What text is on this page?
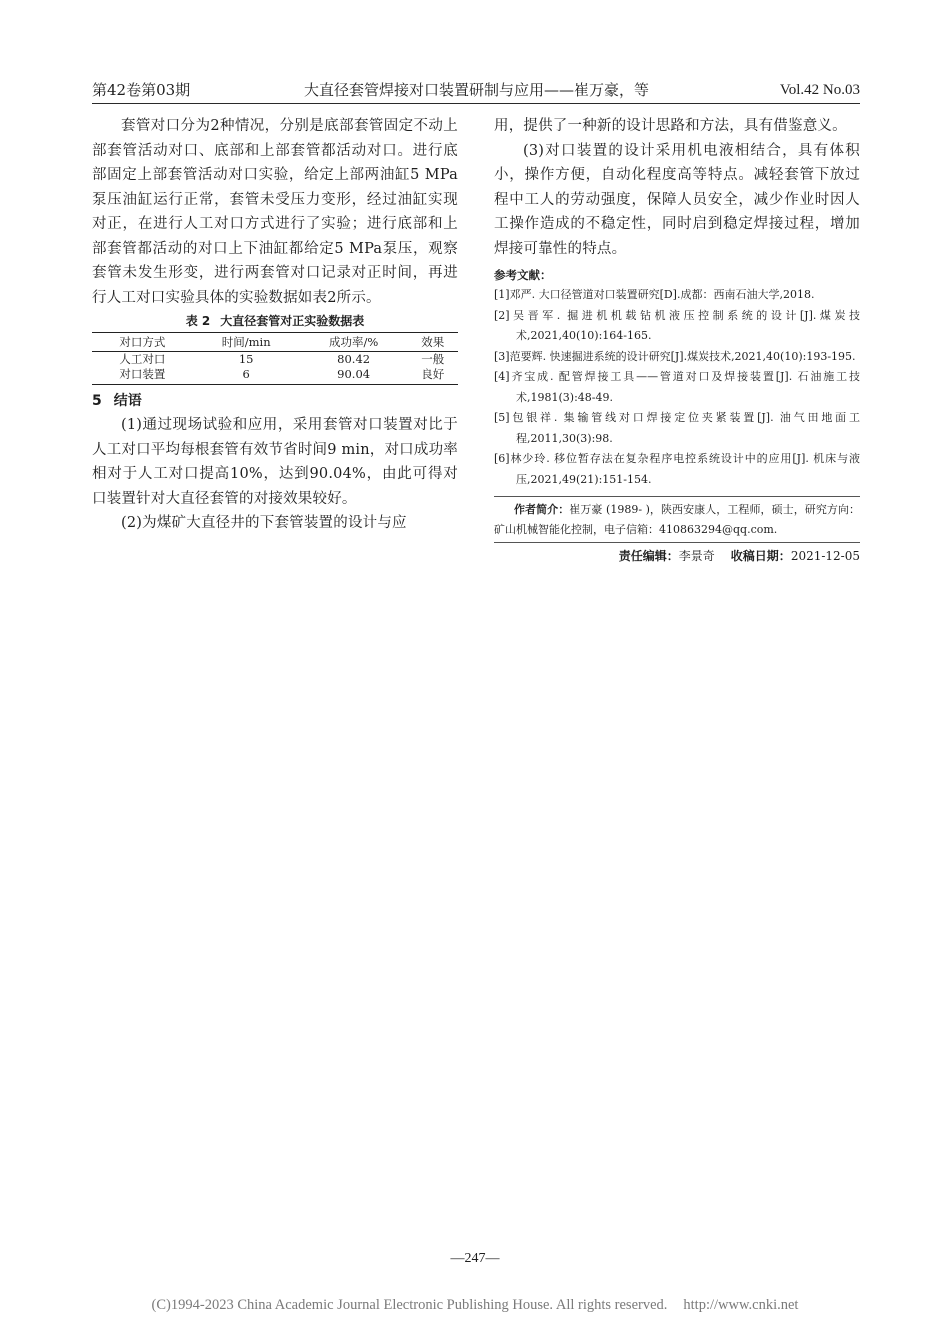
第42卷第03期	大直径套管焊接对口装置研制与应用——崔万豪，等	Vol.42 No.03

套管对口分为2种情况，分别是底部套管固定不动上部套管活动对口、底部和上部套管都活动对口。进行底部固定上部套管活动对口实验，给定上部两油缸5 MPa泵压油缸运行正常，套管未受压力变形，经过油缸实现对正，在进行人工对口方式进行了实验；进行底部和上部套管都活动的对口上下油缸都给定5 MPa泵压，观察套管未发生形变，进行两套管对口记录对正时间，再进行人工对口实验具体的实验数据如表2所示。

表 2 大直径套管对正实验数据表
对口方式	时间/min	成功率/%	效果
人工对口	15	80.42	一般
对口装置	6	90.04	良好
5 结语

(1)通过现场试验和应用，采用套管对口装置对比于人工对口平均每根套管有效节省时间9 min，对口成功率相对于人工对口提高10%，达到90.04%，由此可得对口装置针对大直径套管的对接效果较好。

(2)为煤矿大直径井的下套管装置的设计与应

用，提供了一种新的设计思路和方法，具有借鉴意义。

(3)对口装置的设计采用机电液相结合，具有体积小，操作方便，自动化程度高等特点。减轻套管下放过程中工人的劳动强度，保障人员安全，减少作业时因人工操作造成的不稳定性，同时启到稳定焊接过程，增加焊接可靠性的特点。

参考文献：

[1]邓严. 大口径管道对口装置研究[D].成都：西南石油大学,2018.

[2]吴晋军. 掘进机机载钻机液压控制系统的设计[J].煤炭技术,2021,40(10):164-165.

[3]范要辉. 快速掘进系统的设计研究[J].煤炭技术,2021,40(10):193-195.

[4]齐宝成. 配管焊接工具——管道对口及焊接装置[J]. 石油施工技术,1981(3):48-49.

[5]包银祥. 集输管线对口焊接定位夹紧装置[J]. 油气田地面工程,2011,30(3):98.

[6]林少玲. 移位暂存法在复杂程序电控系统设计中的应用[J]. 机床与液压,2021,49(21):151-154.

作者简介：崔万豪 (1989- )，陕西安康人，工程师，硕士，研究方向：矿山机械智能化控制，电子信箱：410863294@qq.com.
责任编辑：李景奇 收稿日期：2021-12-05
—247—
(C)1994-2023 China Academic Journal Electronic Publishing House. All rights reserved. http://www.cnki.net
